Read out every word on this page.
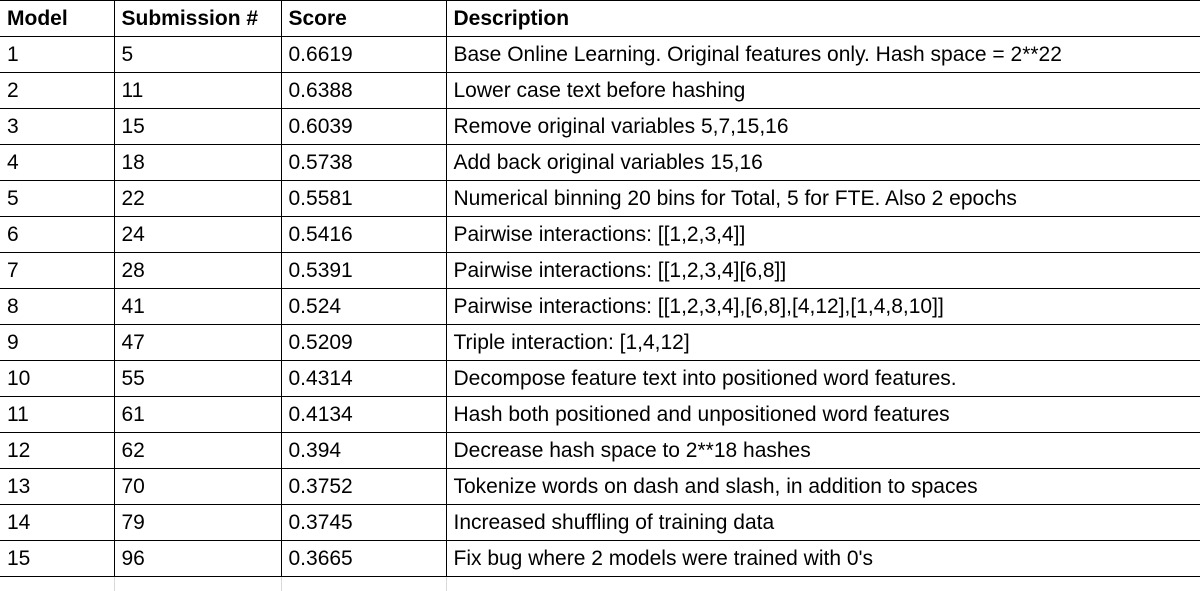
Model	Submission #	Score	Description
1	5	0.6619	Base Online Learning. Original features only. Hash space = 2**22
2	11	0.6388	Lower case text before hashing
3	15	0.6039	Remove original variables 5,7,15,16
4	18	0.5738	Add back original variables 15,16
5	22	0.5581	Numerical binning 20 bins for Total, 5 for FTE. Also 2 epochs
6	24	0.5416	Pairwise interactions: [[1,2,3,4]]
7	28	0.5391	Pairwise interactions: [[1,2,3,4][6,8]]
8	41	0.524	Pairwise interactions: [[1,2,3,4],[6,8],[4,12],[1,4,8,10]]
9	47	0.5209	Triple interaction: [1,4,12]
10	55	0.4314	Decompose feature text into positioned word features.
11	61	0.4134	Hash both positioned and unpositioned word features
12	62	0.394	Decrease hash space to 2**18 hashes
13	70	0.3752	Tokenize words on dash and slash, in addition to spaces
14	79	0.3745	Increased shuffling of training data
15	96	0.3665	Fix bug where 2 models were trained with 0's
